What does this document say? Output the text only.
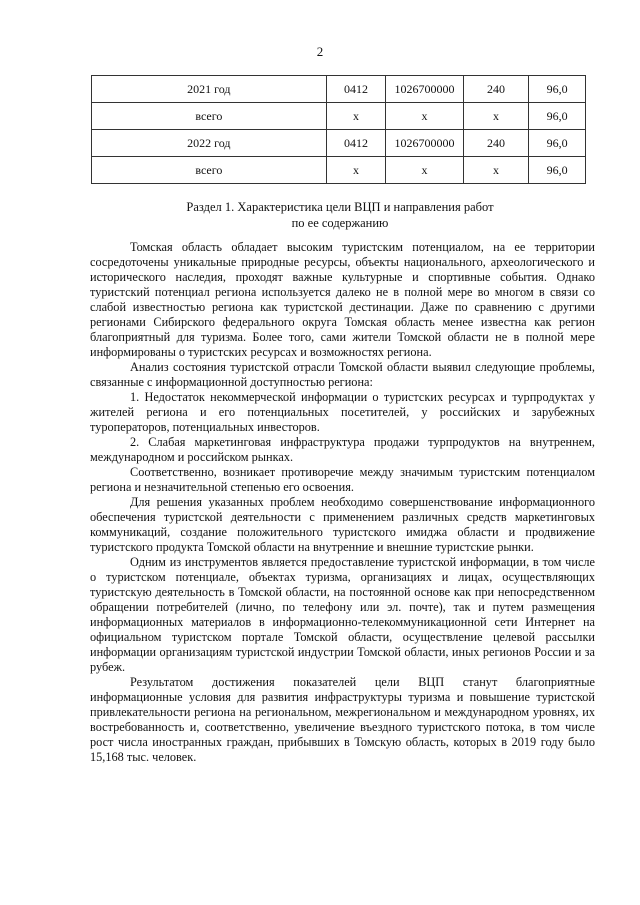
2
2021 год	0412	1026700000	240	96,0
всего	x	x	x	96,0
2022 год	0412	1026700000	240	96,0
всего	x	x	x	96,0
Раздел 1. Характеристика цели ВЦП и направления работ
по ее содержанию

Томская область обладает высоким туристским потенциалом, на ее территории сосредоточены уникальные природные ресурсы, объекты национального, археологического и исторического наследия, проходят важные культурные и спортивные события. Однако туристский потенциал региона используется далеко не в полной мере во многом в связи со слабой известностью региона как туристской дестинации. Даже по сравнению с другими регионами Сибирского федерального округа Томская область менее известна как регион благоприятный для туризма. Более того, сами жители Томской области не в полной мере информированы о туристских ресурсах и возможностях региона.

Анализ состояния туристской отрасли Томской области выявил следующие проблемы, связанные с информационной доступностью региона:

1. Недостаток некоммерческой информации о туристских ресурсах и турпродуктах у жителей региона и его потенциальных посетителей, у российских и зарубежных туроператоров, потенциальных инвесторов.

2. Слабая маркетинговая инфраструктура продажи турпродуктов на внутреннем, международном и российском рынках.

Соответственно, возникает противоречие между значимым туристским потенциалом региона и незначительной степенью его освоения.

Для решения указанных проблем необходимо совершенствование информационного обеспечения туристской деятельности с применением различных средств маркетинговых коммуникаций, создание положительного туристского имиджа области и продвижение туристского продукта Томской области на внутренние и внешние туристские рынки.

Одним из инструментов является предоставление туристской информации, в том числе о туристском потенциале, объектах туризма, организациях и лицах, осуществляющих туристскую деятельность в Томской области, на постоянной основе как при непосредственном обращении потребителей (лично, по телефону или эл. почте), так и путем размещения информационных материалов в информационно-телекоммуникационной сети Интернет на официальном туристском портале Томской области, осуществление целевой рассылки информации организациям туристской индустрии Томской области, иных регионов России и за рубеж.

Результатом достижения показателей цели ВЦП станут благоприятные информационные условия для развития инфраструктуры туризма и повышение туристской привлекательности региона на региональном, межрегиональном и международном уровнях, их востребованность и, соответственно, увеличение въездного туристского потока, в том числе рост числа иностранных граждан, прибывших в Томскую область, которых в 2019 году было 15,168 тыс. человек.
